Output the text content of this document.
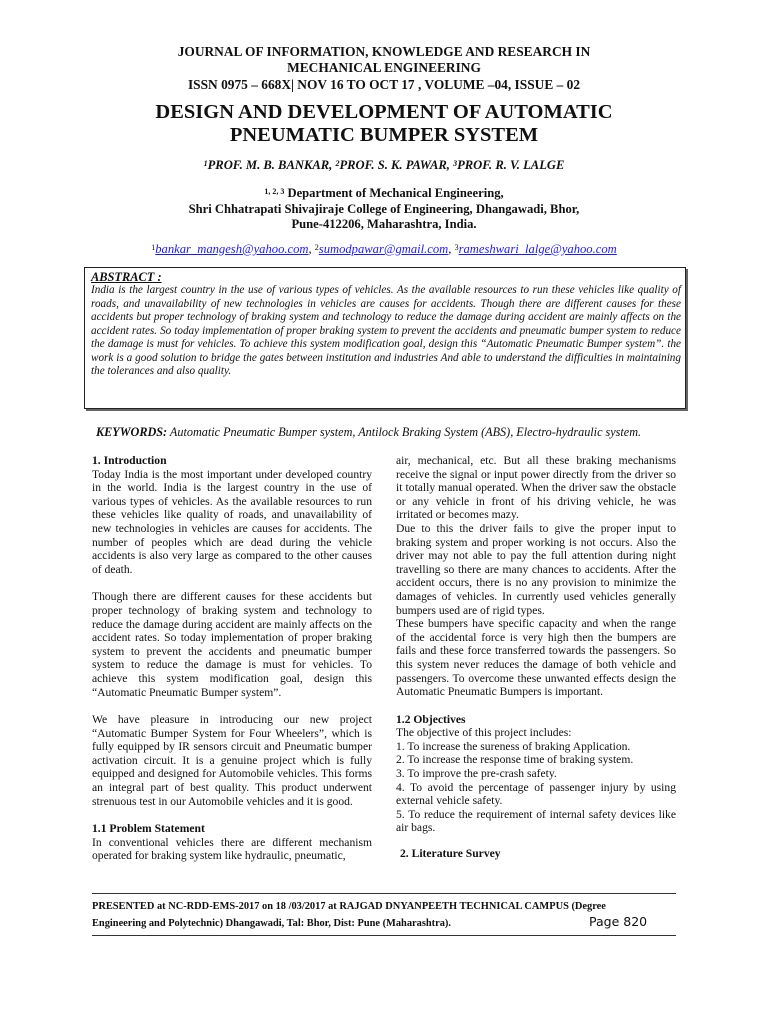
JOURNAL OF INFORMATION, KNOWLEDGE AND RESEARCH IN
MECHANICAL ENGINEERING
ISSN 0975 – 668X| NOV 16 TO OCT 17 , VOLUME –04, ISSUE – 02
DESIGN AND DEVELOPMENT OF AUTOMATIC
PNEUMATIC BUMPER SYSTEM
$^1$PROF. M. B. BANKAR, $^2$PROF. S. K. PAWAR, $^3$PROF. R. V. LALGE
$^{1, 2, 3}$ Department of Mechanical Engineering,
Shri Chhatrapati Shivajiraje College of Engineering, Dhangawadi, Bhor,
Pune-412206, Maharashtra, India.
$^1$bankar_mangesh@yahoo.com, $^2$sumodpawar@gmail.com, $^3$rameshwari_lalge@yahoo.com
ABSTRACT :
India is the largest country in the use of various types of vehicles. As the available resources to run these vehicles like quality of roads, and unavailability of new technologies in vehicles are causes for accidents. Though there are different causes for these accidents but proper technology of braking system and technology to reduce the damage during accident are mainly affects on the accident rates. So today implementation of proper braking system to prevent the accidents and pneumatic bumper system to reduce the damage is must for vehicles. To achieve this system modification goal, design this “Automatic Pneumatic Bumper system”. the work is a good solution to bridge the gates between institution and industries And able to understand the difficulties in maintaining the tolerances and also quality.
KEYWORDS: Automatic Pneumatic Bumper system, Antilock Braking System (ABS), Electro-hydraulic system.

1. Introduction

Today India is the most important under developed country in the world. India is the largest country in the use of various types of vehicles. As the available resources to run these vehicles like quality of roads, and unavailability of new technologies in vehicles are causes for accidents. The number of peoples which are dead during the vehicle accidents is also very large as compared to the other causes of death.

Though there are different causes for these accidents but proper technology of braking system and technology to reduce the damage during accident are mainly affects on the accident rates. So today implementation of proper braking system to prevent the accidents and pneumatic bumper system to reduce the damage is must for vehicles. To achieve this system modification goal, design this “Automatic Pneumatic Bumper system”.

We have pleasure in introducing our new project “Automatic Bumper System for Four Wheelers”, which is fully equipped by IR sensors circuit and Pneumatic bumper activation circuit. It is a genuine project which is fully equipped and designed for Automobile vehicles. This forms an integral part of best quality. This product underwent strenuous test in our Automobile vehicles and it is good.

1.1 Problem Statement

In conventional vehicles there are different mechanism operated for braking system like hydraulic, pneumatic,

air, mechanical, etc. But all these braking mechanisms receive the signal or input power directly from the driver so it totally manual operated. When the driver saw the obstacle or any vehicle in front of his driving vehicle, he was irritated or becomes mazy.

Due to this the driver fails to give the proper input to braking system and proper working is not occurs. Also the driver may not able to pay the full attention during night travelling so there are many chances to accidents. After the accident occurs, there is no any provision to minimize the damages of vehicles. In currently used vehicles generally bumpers used are of rigid types.

These bumpers have specific capacity and when the range of the accidental force is very high then the bumpers are fails and these force transferred towards the passengers. So this system never reduces the damage of both vehicle and passengers. To overcome these unwanted effects design the Automatic Pneumatic Bumpers is important.

1.2 Objectives

The objective of this project includes:

1. To increase the sureness of braking Application.

2. To increase the response time of braking system.

3. To improve the pre-crash safety.

4. To avoid the percentage of passenger injury by using external vehicle safety.

5. To reduce the requirement of internal safety devices like air bags.

2. Literature Survey

PRESENTED at NC-RDD-EMS-2017 on 18 /03/2017 at RAJGAD DNYANPEETH TECHNICAL CAMPUS (Degree
Engineering and Polytechnic) Dhangawadi, Tal: Bhor, Dist: Pune (Maharashtra).	Page 820
